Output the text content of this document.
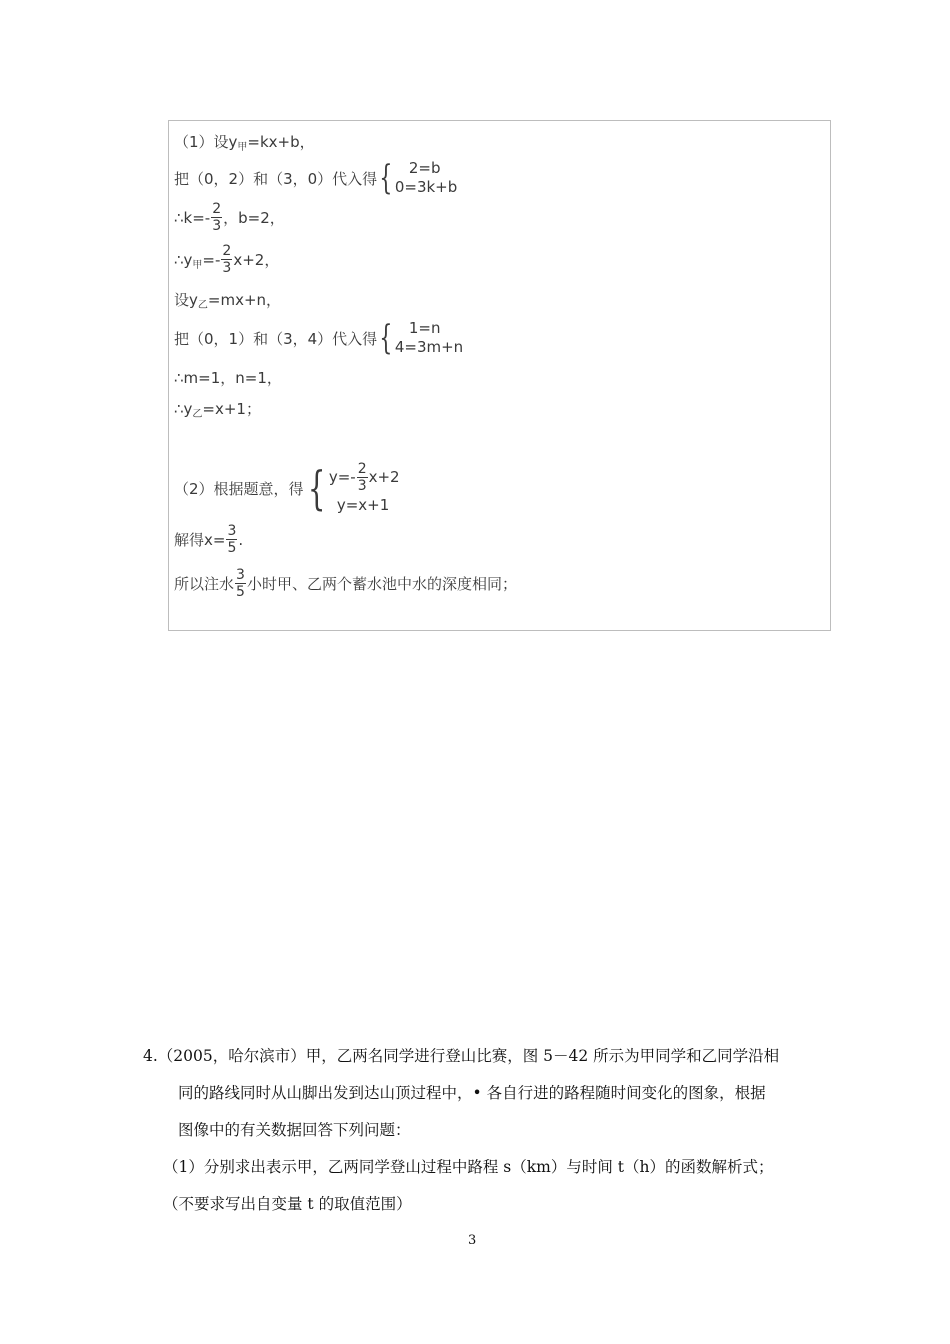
（1）设y 甲 =kx+b，
把（0，2）和（3，0）代入得 {	2=b
0=3k+b
∴k=- $\frac{2}{3}$ ，b=2，
∴y 甲 =- $\frac{2}{3} x+2$，
设y 乙 =mx+n，
把（0，1）和（3，4）代入得 {	1=n
4=3m+n
∴m=1，n=1，
∴y 乙 =x+1；
（2）根据题意，得 { $y=- \frac{2}{3} x+2$
y=x+1
解得$x= \frac{3}{5}$ .
所以注水 $\frac{3}{5}$ 小时甲、乙两个蓄水池中水的深度相同；
4.（2005，哈尔滨市）甲，乙两名同学进行登山比赛，图 5－42 所示为甲同学和乙同学沿相
同的路线同时从山脚出发到达山顶过程中，• 各自行进的路程随时间变化的图象，根据
图像中的有关数据回答下列问题：
（1）分别求出表示甲，乙两同学登山过程中路程 s（km）与时间 t（h）的函数解析式；
（不要求写出自变量 t 的取值范围）
3
